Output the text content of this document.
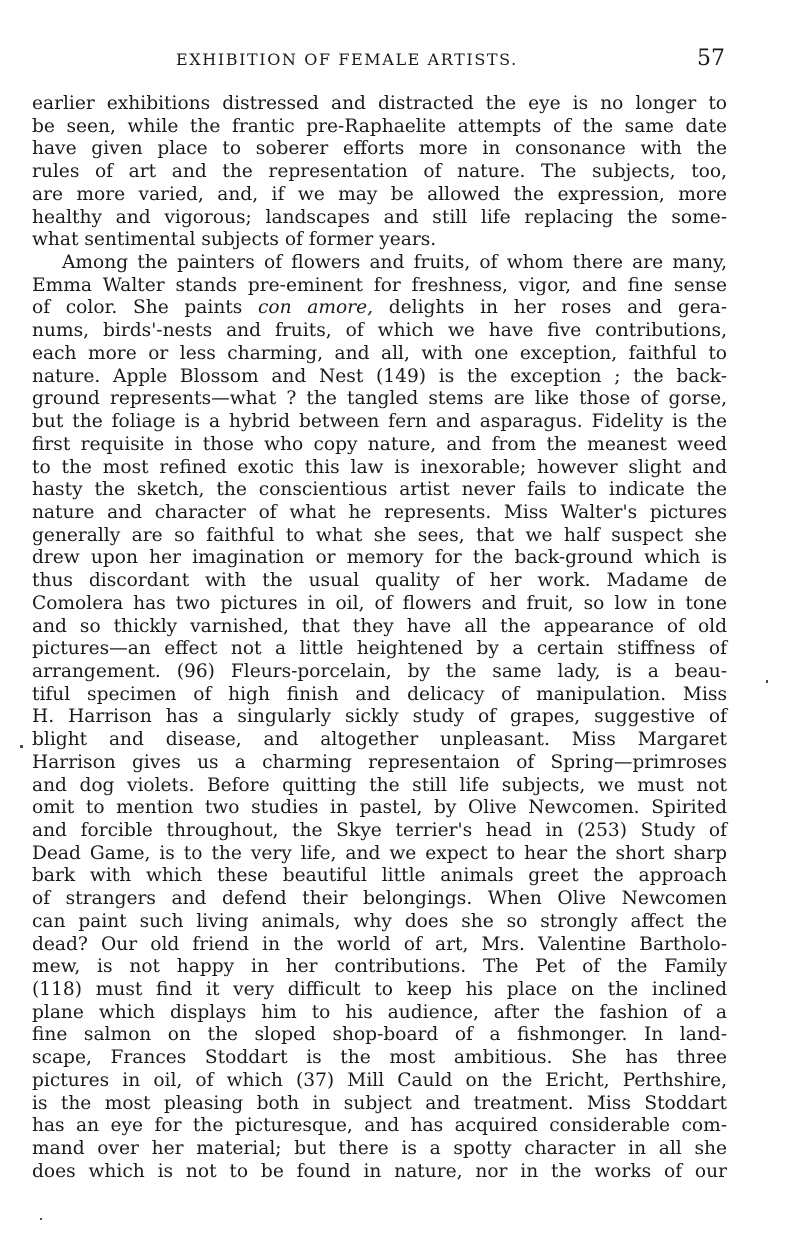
EXHIBITION OF FEMALE ARTISTS.	57
earlier exhibitions distressed and distracted the eye is no longer to
be seen, while the frantic pre-Raphaelite attempts of the same date
have given place to soberer efforts more in consonance with the
rules of art and the representation of nature. The subjects, too,
are more varied, and, if we may be allowed the expression, more
healthy and vigorous; landscapes and still life replacing the some-
what sentimental subjects of former years.
Among the painters of flowers and fruits, of whom there are many,
Emma Walter stands pre-eminent for freshness, vigor, and fine sense
of color. She paints con amore, delights in her roses and gera-
nums, birds'-nests and fruits, of which we have five contributions,
each more or less charming, and all, with one exception, faithful to
nature. Apple Blossom and Nest (149) is the exception ; the back-
ground represents—what ? the tangled stems are like those of gorse,
but the foliage is a hybrid between fern and asparagus. Fidelity is the
first requisite in those who copy nature, and from the meanest weed
to the most refined exotic this law is inexorable; however slight and
hasty the sketch, the conscientious artist never fails to indicate the
nature and character of what he represents. Miss Walter's pictures
generally are so faithful to what she sees, that we half suspect she
drew upon her imagination or memory for the back-ground which is
thus discordant with the usual quality of her work. Madame de
Comolera has two pictures in oil, of flowers and fruit, so low in tone
and so thickly varnished, that they have all the appearance of old
pictures—an effect not a little heightened by a certain stiffness of
arrangement. (96) Fleurs-porcelain, by the same lady, is a beau-
tiful specimen of high finish and delicacy of manipulation. Miss
H. Harrison has a singularly sickly study of grapes, suggestive of
blight and disease, and altogether unpleasant. Miss Margaret
Harrison gives us a charming representaion of Spring—primroses
and dog violets. Before quitting the still life subjects, we must not
omit to mention two studies in pastel, by Olive Newcomen. Spirited
and forcible throughout, the Skye terrier's head in (253) Study of
Dead Game, is to the very life, and we expect to hear the short sharp
bark with which these beautiful little animals greet the approach
of strangers and defend their belongings. When Olive Newcomen
can paint such living animals, why does she so strongly affect the
dead? Our old friend in the world of art, Mrs. Valentine Bartholo-
mew, is not happy in her contributions. The Pet of the Family
(118) must find it very difficult to keep his place on the inclined
plane which displays him to his audience, after the fashion of a
fine salmon on the sloped shop-board of a fishmonger. In land-
scape, Frances Stoddart is the most ambitious. She has three
pictures in oil, of which (37) Mill Cauld on the Ericht, Perthshire,
is the most pleasing both in subject and treatment. Miss Stoddart
has an eye for the picturesque, and has acquired considerable com-
mand over her material; but there is a spotty character in all she
does which is not to be found in nature, nor in the works of our
